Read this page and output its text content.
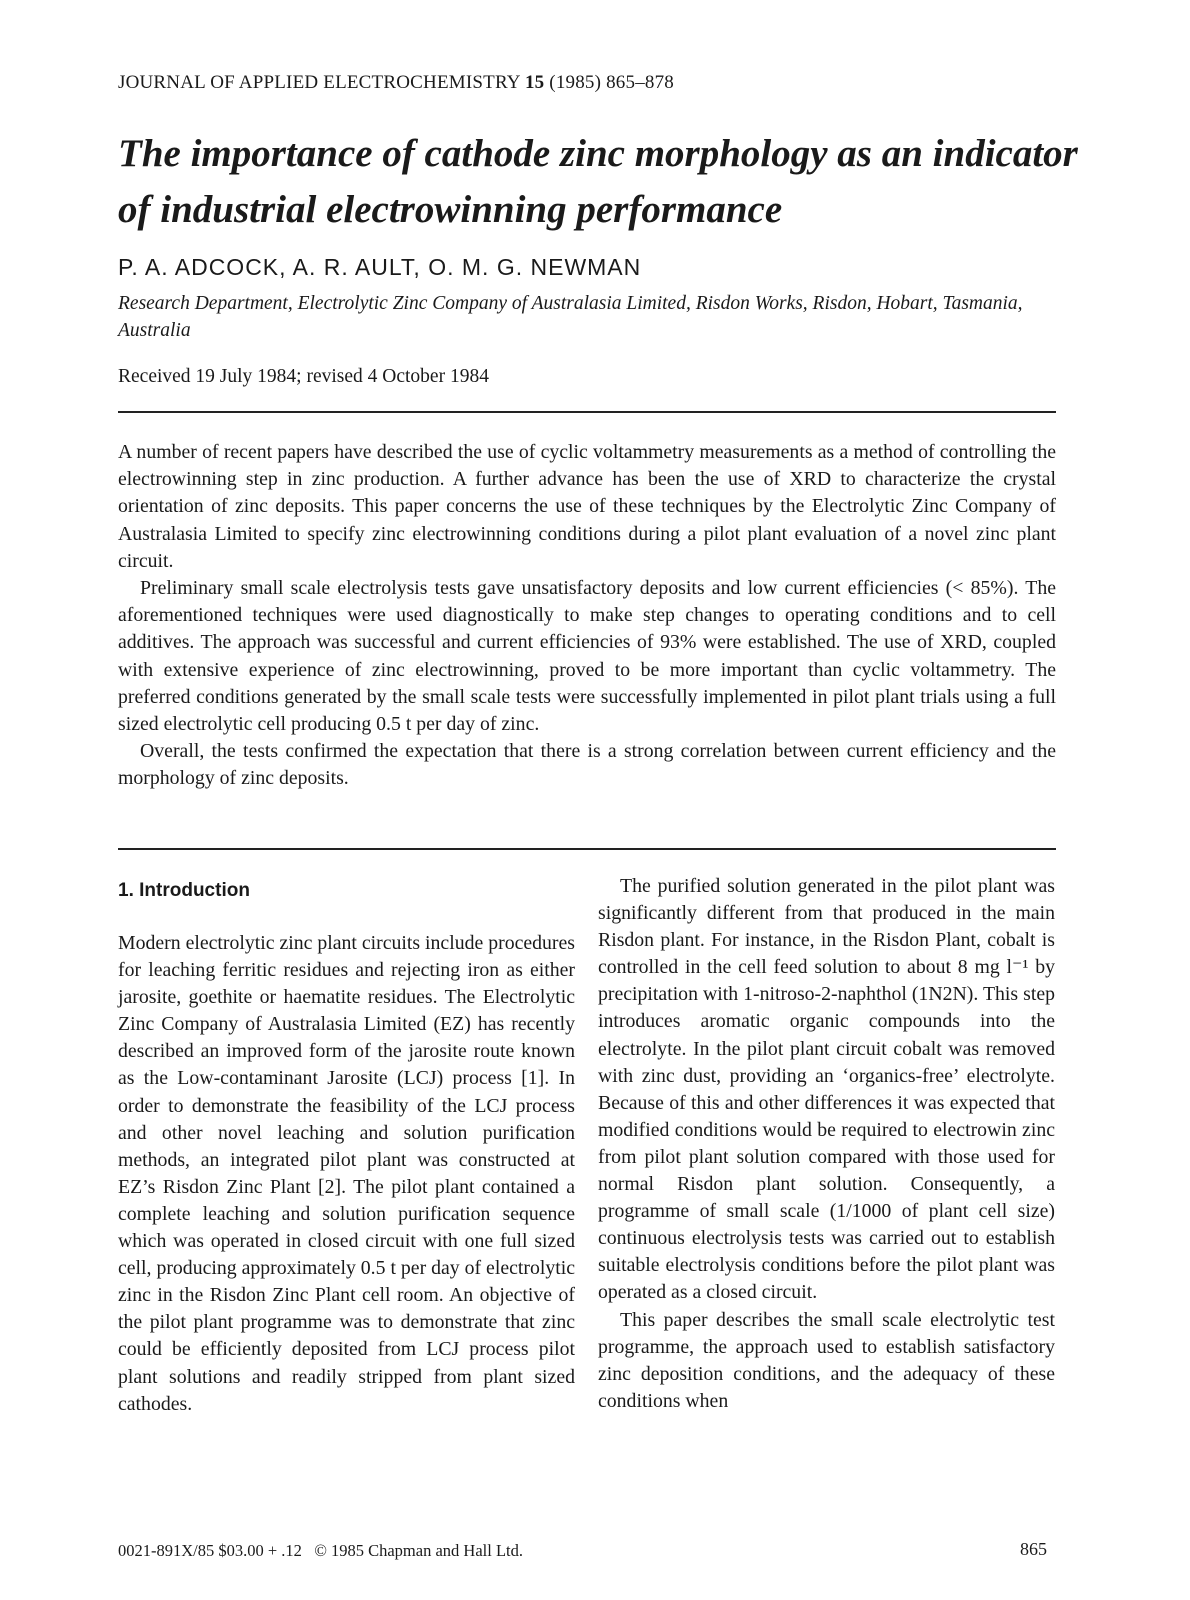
JOURNAL OF APPLIED ELECTROCHEMISTRY 15 (1985) 865–878
The importance of cathode zinc morphology as an indicator of industrial electrowinning performance
P. A. ADCOCK, A. R. AULT, O. M. G. NEWMAN
Research Department, Electrolytic Zinc Company of Australasia Limited, Risdon Works, Risdon, Hobart, Tasmania, Australia
Received 19 July 1984; revised 4 October 1984

A number of recent papers have described the use of cyclic voltammetry measurements as a method of controlling the electrowinning step in zinc production. A further advance has been the use of XRD to characterize the crystal orientation of zinc deposits. This paper concerns the use of these techniques by the Electrolytic Zinc Company of Australasia Limited to specify zinc electrowinning conditions during a pilot plant evaluation of a novel zinc plant circuit.

Preliminary small scale electrolysis tests gave unsatisfactory deposits and low current efficiencies (< 85%). The aforementioned techniques were used diagnostically to make step changes to operating conditions and to cell additives. The approach was successful and current efficiencies of 93% were established. The use of XRD, coupled with extensive experience of zinc electrowinning, proved to be more important than cyclic voltammetry. The preferred conditions generated by the small scale tests were successfully implemented in pilot plant trials using a full sized electrolytic cell producing 0.5 t per day of zinc.

Overall, the tests confirmed the expectation that there is a strong correlation between current efficiency and the morphology of zinc deposits.

1. Introduction

Modern electrolytic zinc plant circuits include procedures for leaching ferritic residues and rejecting iron as either jarosite, goethite or haematite residues. The Electrolytic Zinc Company of Australasia Limited (EZ) has recently described an improved form of the jarosite route known as the Low-contaminant Jarosite (LCJ) process [1]. In order to demonstrate the feasibility of the LCJ process and other novel leaching and solution purification methods, an integrated pilot plant was constructed at EZ’s Risdon Zinc Plant [2]. The pilot plant contained a complete leaching and solution purification sequence which was operated in closed circuit with one full sized cell, producing approximately 0.5 t per day of electrolytic zinc in the Risdon Zinc Plant cell room. An objective of the pilot plant programme was to demonstrate that zinc could be efficiently deposited from LCJ process pilot plant solutions and readily stripped from plant sized cathodes.

The purified solution generated in the pilot plant was significantly different from that produced in the main Risdon plant. For instance, in the Risdon Plant, cobalt is controlled in the cell feed solution to about 8 mg l⁻¹ by precipitation with 1-nitroso-2-naphthol (1N2N). This step introduces aromatic organic compounds into the electrolyte. In the pilot plant circuit cobalt was removed with zinc dust, providing an ‘organics-free’ electrolyte. Because of this and other differences it was expected that modified conditions would be required to electrowin zinc from pilot plant solution compared with those used for normal Risdon plant solution. Consequently, a programme of small scale (1/1000 of plant cell size) continuous electrolysis tests was carried out to establish suitable electrolysis conditions before the pilot plant was operated as a closed circuit.

This paper describes the small scale electrolytic test programme, the approach used to establish satisfactory zinc deposition conditions, and the adequacy of these conditions when

0021-891X/85 $03.00 + .12 © 1985 Chapman and Hall Ltd.	865
